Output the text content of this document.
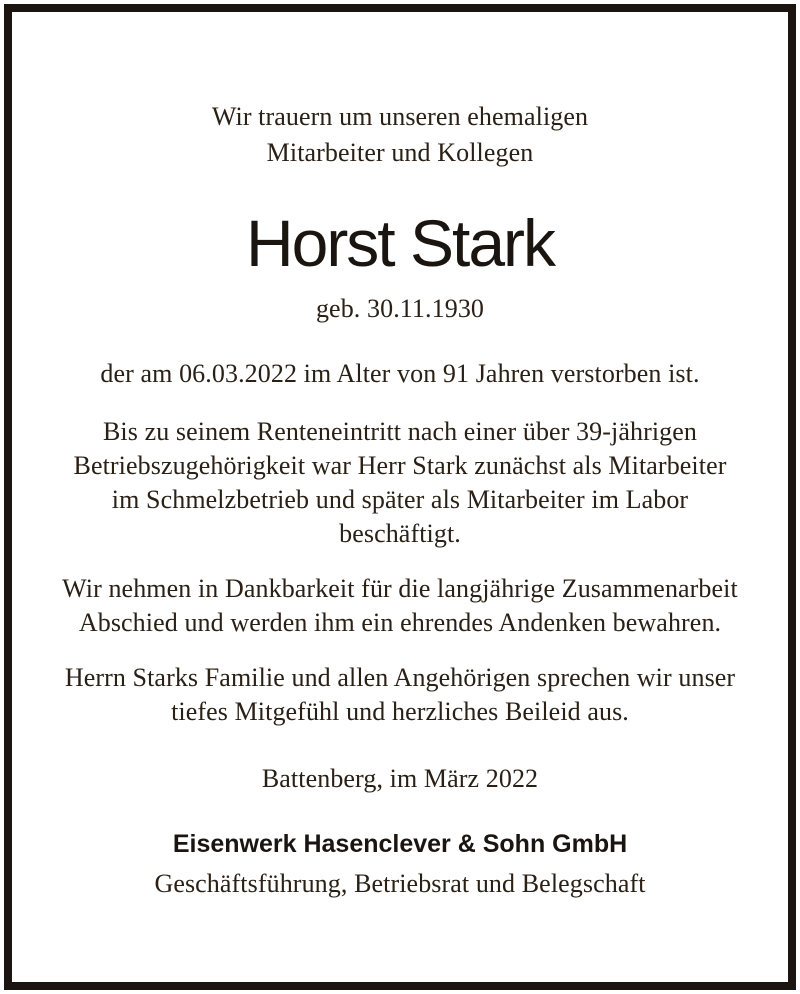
Wir trauern um unseren ehemaligen
Mitarbeiter und Kollegen
Horst Stark
geb. 30.11.1930
der am 06.03.2022 im Alter von 91 Jahren verstorben ist.
Bis zu seinem Renteneintritt nach einer über 39-jährigen
Betriebszugehörigkeit war Herr Stark zunächst als Mitarbeiter
im Schmelzbetrieb und später als Mitarbeiter im Labor
beschäftigt.
Wir nehmen in Dankbarkeit für die langjährige Zusammenarbeit
Abschied und werden ihm ein ehrendes Andenken bewahren.
Herrn Starks Familie und allen Angehörigen sprechen wir unser
tiefes Mitgefühl und herzliches Beileid aus.
Battenberg, im März 2022
Eisenwerk Hasenclever & Sohn GmbH
Geschäftsführung, Betriebsrat und Belegschaft
